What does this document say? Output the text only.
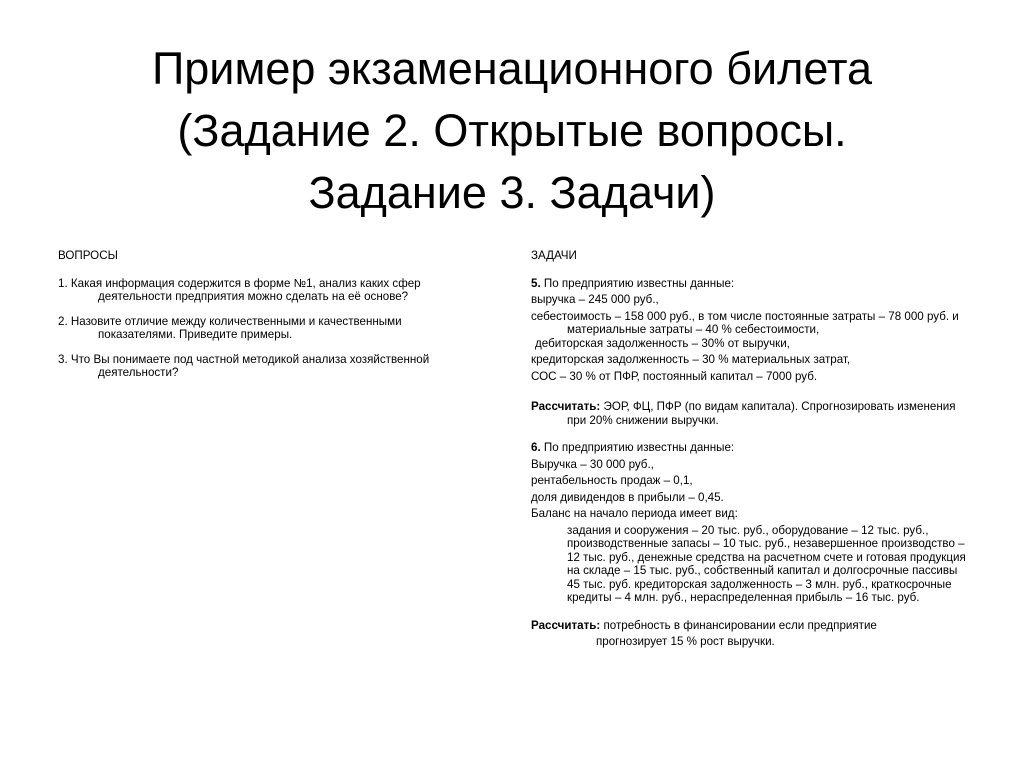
Пример экзаменационного билета
(Задание 2. Открытые вопросы.
Задание 3. Задачи)

ВОПРОСЫ

1. Какая информация содержится в форме №1, анализ каких сфер деятельности предприятия можно сделать на её основе?

2. Назовите отличие между количественными и качественными показателями. Приведите примеры.

3. Что Вы понимаете под частной методикой анализа хозяйственной деятельности?

ЗАДАЧИ

5. По предприятию известны данные:

выручка – 245 000 руб.,

себестоимость – 158 000 руб., в том числе постоянные затраты – 78 000 руб. и материальные затраты – 40 % себестоимости,

дебиторская задолженность – 30% от выручки,

кредиторская задолженность – 30 % материальных затрат,

СОС – 30 % от ПФР, постоянный капитал – 7000 руб.

Рассчитать: ЭОР, ФЦ, ПФР (по видам капитала). Спрогнозировать изменения при 20% снижении выручки.

6. По предприятию известны данные:

Выручка – 30 000 руб.,

рентабельность продаж – 0,1,

доля дивидендов в прибыли – 0,45.

Баланс на начало периода имеет вид:

задания и сооружения – 20 тыс. руб., оборудование – 12 тыс. руб., производственные запасы – 10 тыс. руб., незавершенное производство – 12 тыс. руб., денежные средства на расчетном счете и готовая продукция на складе – 15 тыс. руб., собственный капитал и долгосрочные пассивы 45 тыс. руб. кредиторская задолженность – 3 млн. руб., краткосрочные кредиты – 4 млн. руб., нераспределенная прибыль – 16 тыс. руб.

Рассчитать: потребность в финансировании если предприятие

прогнозирует 15 % рост выручки.
